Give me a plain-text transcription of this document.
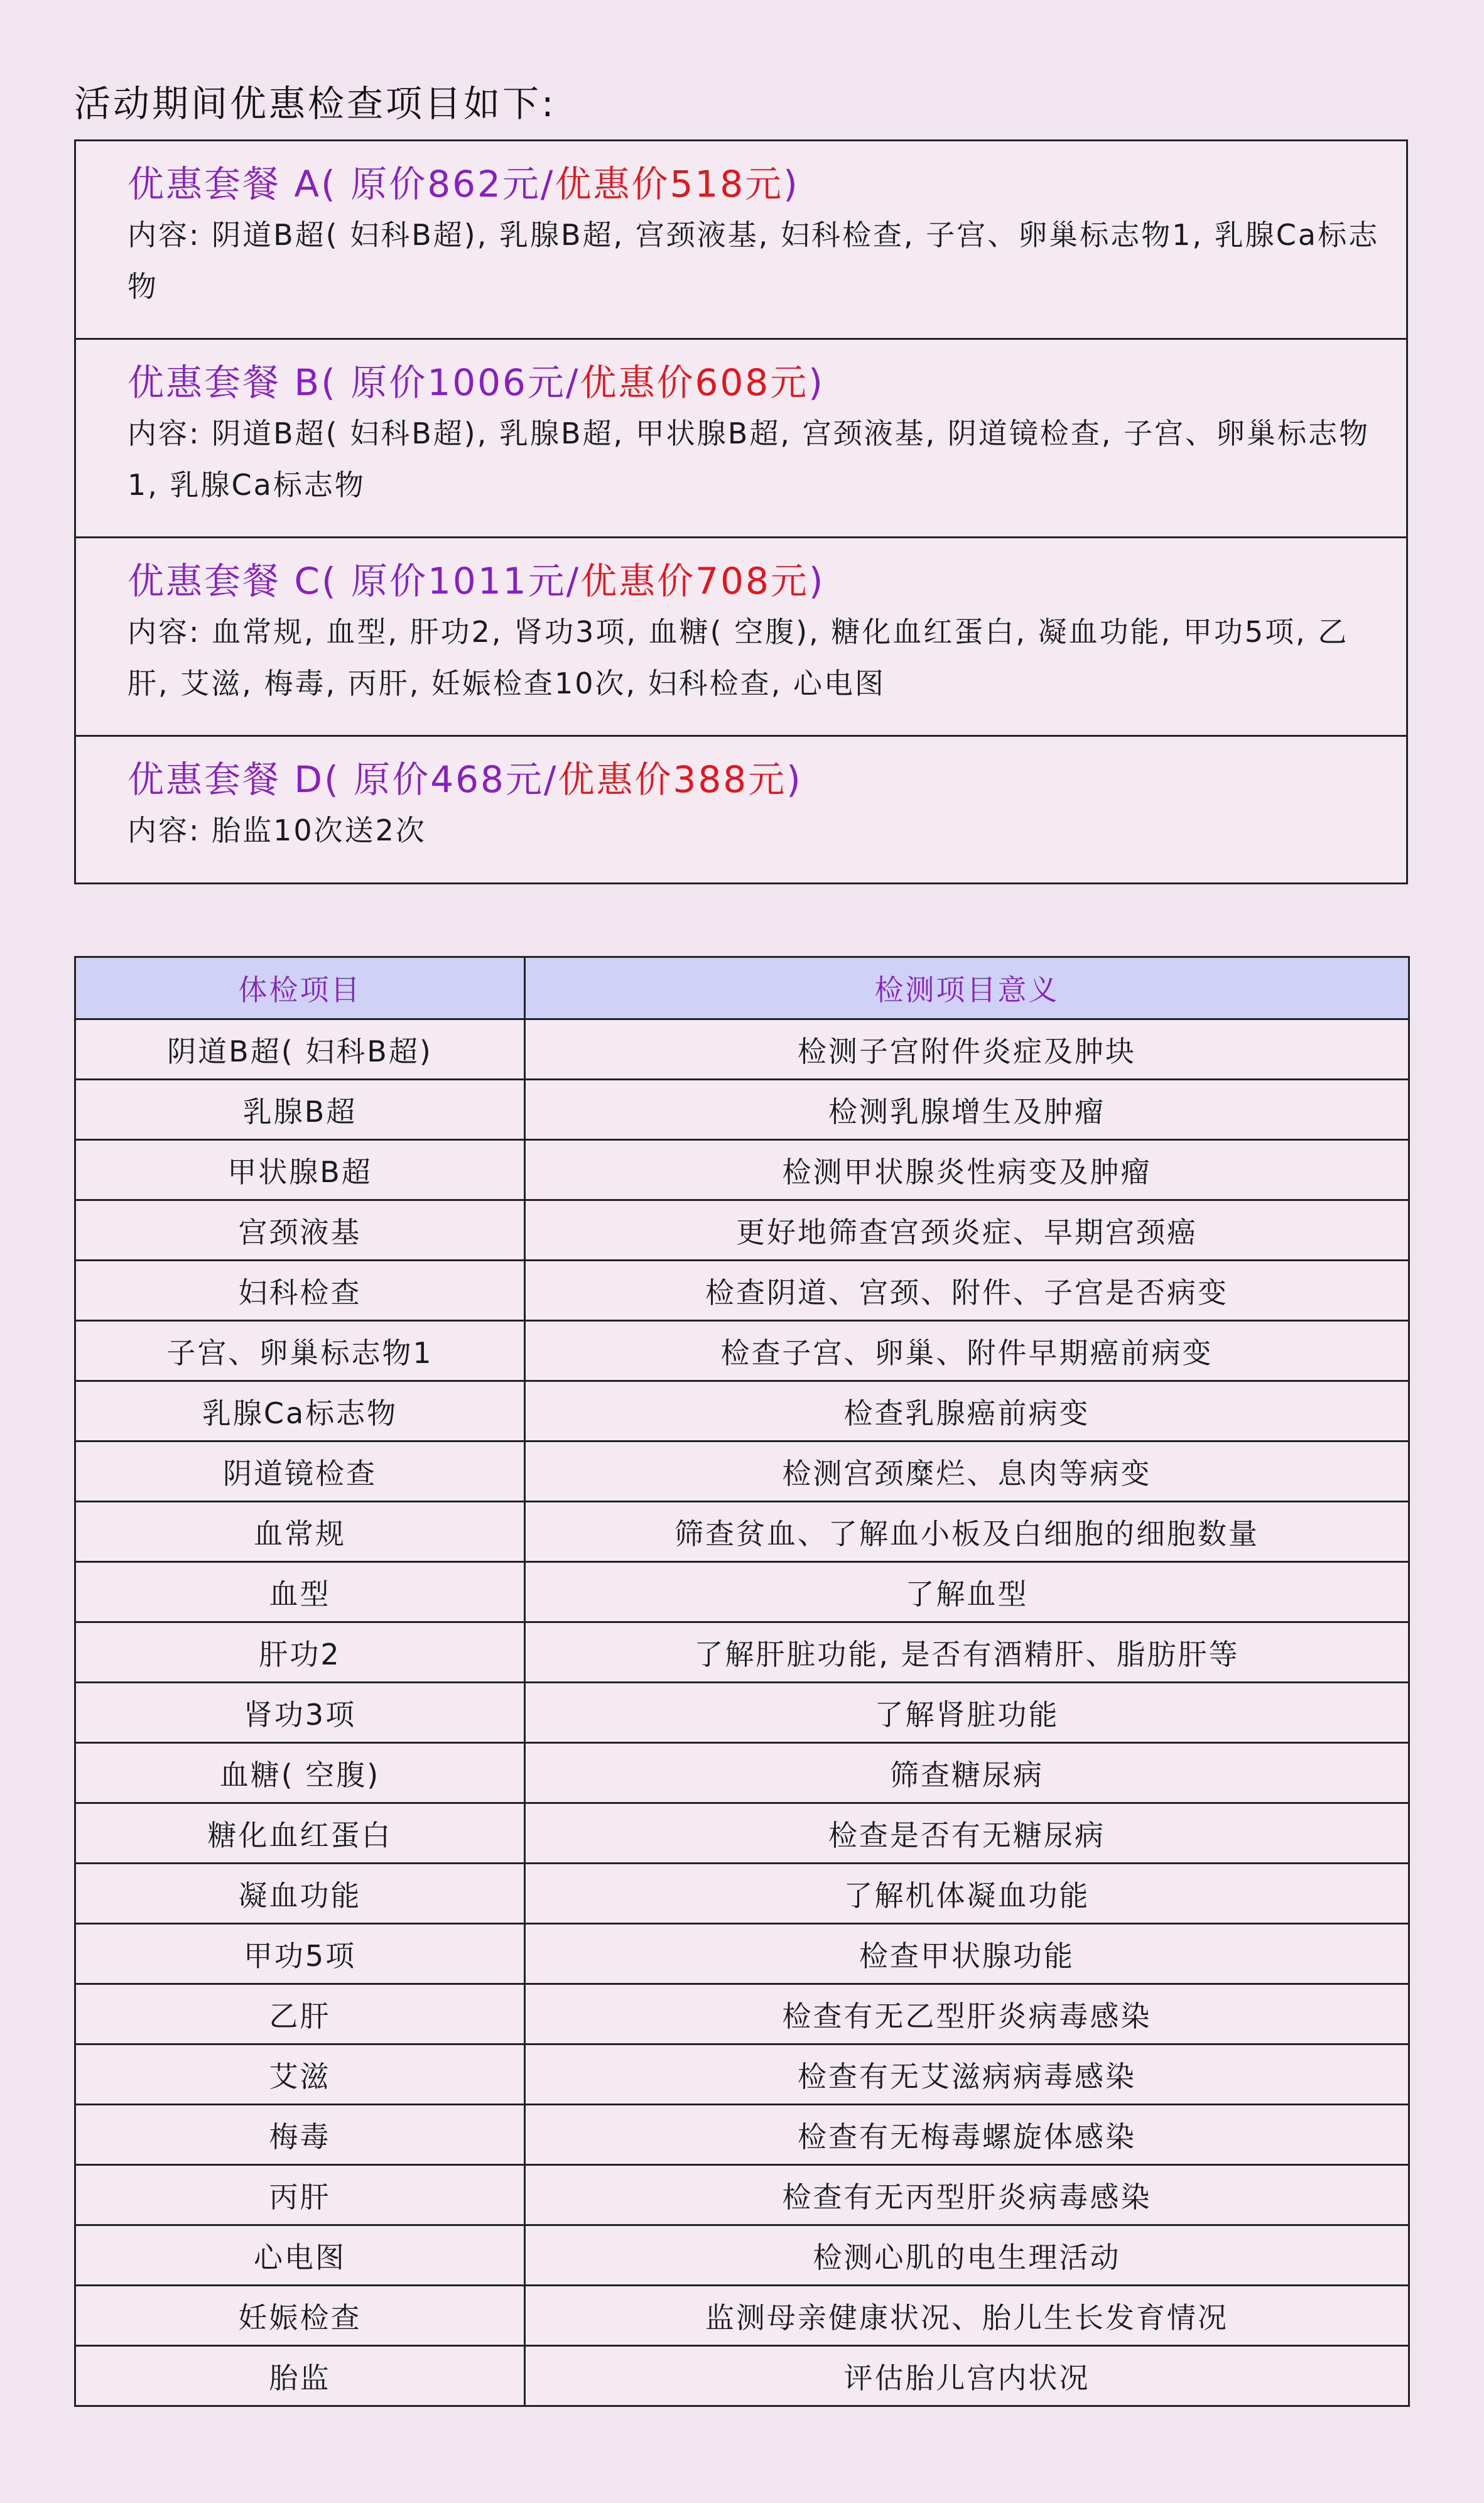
活动期间优惠检查项目如下:
优惠套餐 A( 原价862元/优惠价518元)
内容: 阴道B超( 妇科B超), 乳腺B超, 宫颈液基, 妇科检查, 子宫、卵巢标志物1, 乳腺Ca标志物
优惠套餐 B( 原价1006元/优惠价608元)
内容: 阴道B超( 妇科B超), 乳腺B超, 甲状腺B超, 宫颈液基, 阴道镜检查, 子宫、卵巢标志物1, 乳腺Ca标志物
优惠套餐 C( 原价1011元/优惠价708元)
内容: 血常规, 血型, 肝功2, 肾功3项, 血糖( 空腹), 糖化血红蛋白, 凝血功能, 甲功5项, 乙肝, 艾滋, 梅毒, 丙肝, 妊娠检查10次, 妇科检查, 心电图
优惠套餐 D( 原价468元/优惠价388元)
内容: 胎监10次送2次
体检项目	检测项目意义
阴道B超( 妇科B超)	检测子宫附件炎症及肿块
乳腺B超	检测乳腺增生及肿瘤
甲状腺B超	检测甲状腺炎性病变及肿瘤
宫颈液基	更好地筛查宫颈炎症、早期宫颈癌
妇科检查	检查阴道、宫颈、附件、子宫是否病变
子宫、卵巢标志物1	检查子宫、卵巢、附件早期癌前病变
乳腺Ca标志物	检查乳腺癌前病变
阴道镜检查	检测宫颈糜烂、息肉等病变
血常规	筛查贫血、了解血小板及白细胞的细胞数量
血型	了解血型
肝功2	了解肝脏功能, 是否有酒精肝、脂肪肝等
肾功3项	了解肾脏功能
血糖( 空腹)	筛查糖尿病
糖化血红蛋白	检查是否有无糖尿病
凝血功能	了解机体凝血功能
甲功5项	检查甲状腺功能
乙肝	检查有无乙型肝炎病毒感染
艾滋	检查有无艾滋病病毒感染
梅毒	检查有无梅毒螺旋体感染
丙肝	检查有无丙型肝炎病毒感染
心电图	检测心肌的电生理活动
妊娠检查	监测母亲健康状况、胎儿生长发育情况
胎监	评估胎儿宫内状况
